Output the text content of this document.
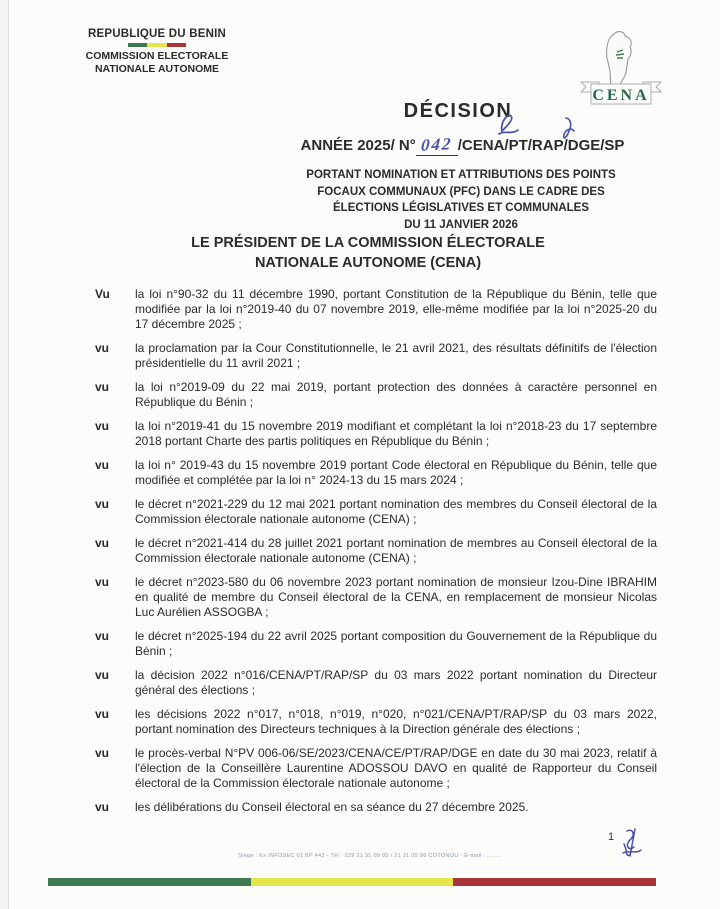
REPUBLIQUE DU BENIN
COMMISSION ELECTORALE
NATIONALE AUTONOME
CENA
DÉCISION
ANNÉE 2025/ N° 042 /CENA/PT/RAP/DGE/SP
PORTANT NOMINATION ET ATTRIBUTIONS DES POINTS
FOCAUX COMMUNAUX (PFC) DANS LE CADRE DES
ÉLECTIONS LÉGISLATIVES ET COMMUNALES
DU 11 JANVIER 2026
LE PRÉSIDENT DE LA COMMISSION ÉLECTORALE
NATIONALE AUTONOME (CENA)
Vu	la loi n°90-32 du 11 décembre 1990, portant Constitution de la République du Bénin, telle que modifiée par la loi n°2019-40 du 07 novembre 2019, elle-même modifiée par la loi n°2025-20 du 17 décembre 2025 ;
vu	la proclamation par la Cour Constitutionnelle, le 21 avril 2021, des résultats définitifs de l'élection présidentielle du 11 avril 2021 ;
vu	la loi n°2019-09 du 22 mai 2019, portant protection des données à caractère personnel en République du Bénin ;
vu	la loi n°2019-41 du 15 novembre 2019 modifiant et complétant la loi n°2018-23 du 17 septembre 2018 portant Charte des partis politiques en République du Bénin ;
vu	la loi n° 2019-43 du 15 novembre 2019 portant Code électoral en République du Bénin, telle que modifiée et complétée par la loi n° 2024-13 du 15 mars 2024 ;
vu	le décret n°2021-229 du 12 mai 2021 portant nomination des membres du Conseil électoral de la Commission électorale nationale autonome (CENA) ;
vu	le décret n°2021-414 du 28 juillet 2021 portant nomination de membres au Conseil électoral de la Commission électorale nationale autonome (CENA) ;
vu	le décret n°2023-580 du 06 novembre 2023 portant nomination de monsieur Izou-Dine IBRAHIM en qualité de membre du Conseil électoral de la CENA, en remplacement de monsieur Nicolas Luc Aurélien ASSOGBA ;
vu	le décret n°2025-194 du 22 avril 2025 portant composition du Gouvernement de la République du Bénin ;
vu	la décision 2022 n°016/CENA/PT/RAP/SP du 03 mars 2022 portant nomination du Directeur général des élections ;
vu	les décisions 2022 n°017, n°018, n°019, n°020, n°021/CENA/PT/RAP/SP du 03 mars 2022, portant nomination des Directeurs techniques à la Direction générale des élections ;
vu	le procès-verbal N°PV 006-06/SE/2023/CENA/CE/PT/RAP/DGE en date du 30 mai 2023, relatif à l'élection de la Conseillère Laurentine ADOSSOU DAVO en qualité de Rapporteur du Conseil électoral de la Commission électorale nationale autonome ;
vu	les délibérations du Conseil électoral en sa séance du 27 décembre 2025.
1
Siège : Ex INFOSEC 01 BP 443 - Tél : 229 21 31 09 85 / 21 31 09 86 COTONOU - E-mail : ........
